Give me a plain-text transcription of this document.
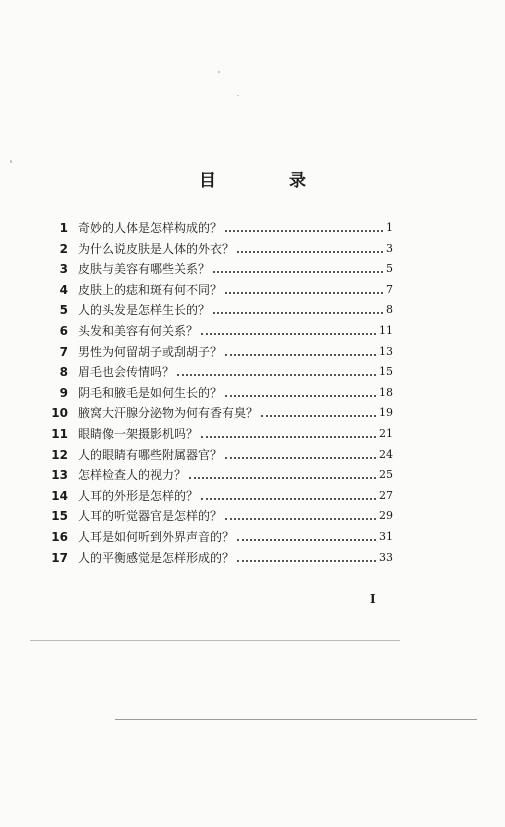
目　录
1 奇妙的人体是怎样构成的？	1
2 为什么说皮肤是人体的外衣？	3
3 皮肤与美容有哪些关系？	5
4 皮肤上的痣和斑有何不同？	7
5 人的头发是怎样生长的？	8
6 头发和美容有何关系？	11
7 男性为何留胡子或刮胡子？	13
8 眉毛也会传情吗？	15
9 阴毛和腋毛是如何生长的？	18
10 腋窝大汗腺分泌物为何有香有臭？	19
11 眼睛像一架摄影机吗？	21
12 人的眼睛有哪些附属器官？	24
13 怎样检查人的视力？	25
14 人耳的外形是怎样的？	27
15 人耳的听觉器官是怎样的？	29
16 人耳是如何听到外界声音的？	31
17 人的平衡感觉是怎样形成的？	33
I
